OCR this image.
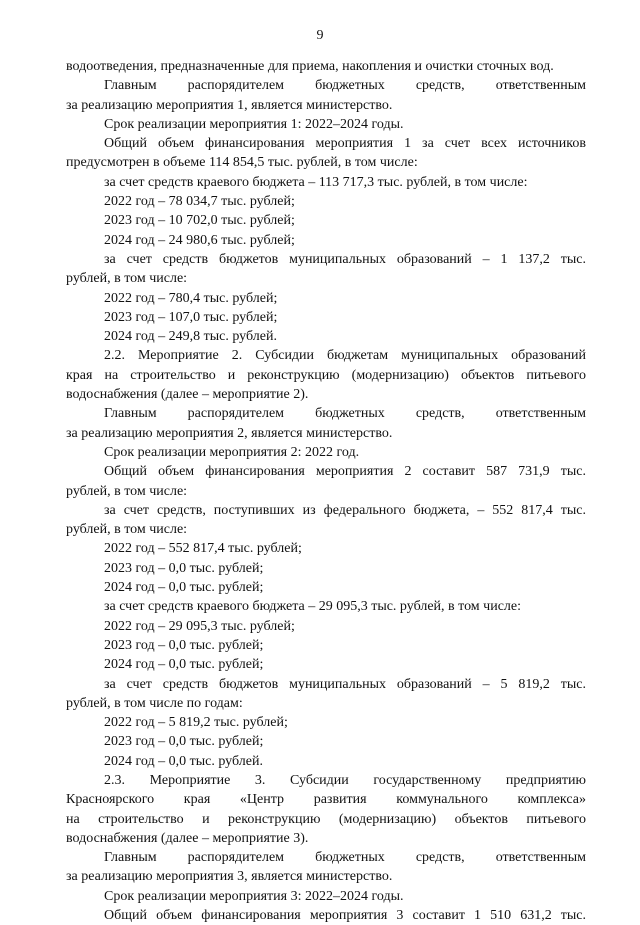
9
водоотведения, предназначенные для приема, накопления и очистки сточных вод.
Главным распорядителем бюджетных средств, ответственным
за реализацию мероприятия 1, является министерство.
Срок реализации мероприятия 1: 2022–2024 годы.
Общий объем финансирования мероприятия 1 за счет всех источников
предусмотрен в объеме 114 854,5 тыс. рублей, в том числе:
за счет средств краевого бюджета – 113 717,3 тыс. рублей, в том числе:
2022 год – 78 034,7 тыс. рублей;
2023 год – 10 702,0 тыс. рублей;
2024 год – 24 980,6 тыс. рублей;
за счет средств бюджетов муниципальных образований – 1 137,2 тыс.
рублей, в том числе:
2022 год – 780,4 тыс. рублей;
2023 год – 107,0 тыс. рублей;
2024 год – 249,8 тыс. рублей.
2.2. Мероприятие 2. Субсидии бюджетам муниципальных образований
края на строительство и реконструкцию (модернизацию) объектов питьевого
водоснабжения (далее – мероприятие 2).
Главным распорядителем бюджетных средств, ответственным
за реализацию мероприятия 2, является министерство.
Срок реализации мероприятия 2: 2022 год.
Общий объем финансирования мероприятия 2 составит 587 731,9 тыс.
рублей, в том числе:
за счет средств, поступивших из федерального бюджета, – 552 817,4 тыс.
рублей, в том числе:
2022 год – 552 817,4 тыс. рублей;
2023 год – 0,0 тыс. рублей;
2024 год – 0,0 тыс. рублей;
за счет средств краевого бюджета – 29 095,3 тыс. рублей, в том числе:
2022 год – 29 095,3 тыс. рублей;
2023 год – 0,0 тыс. рублей;
2024 год – 0,0 тыс. рублей;
за счет средств бюджетов муниципальных образований – 5 819,2 тыс.
рублей, в том числе по годам:
2022 год – 5 819,2 тыс. рублей;
2023 год – 0,0 тыс. рублей;
2024 год – 0,0 тыс. рублей.
2.3. Мероприятие 3. Субсидии государственному предприятию
Красноярского края «Центр развития коммунального комплекса»
на строительство и реконструкцию (модернизацию) объектов питьевого
водоснабжения (далее – мероприятие 3).
Главным распорядителем бюджетных средств, ответственным
за реализацию мероприятия 3, является министерство.
Срок реализации мероприятия 3: 2022–2024 годы.
Общий объем финансирования мероприятия 3 составит 1 510 631,2 тыс.
